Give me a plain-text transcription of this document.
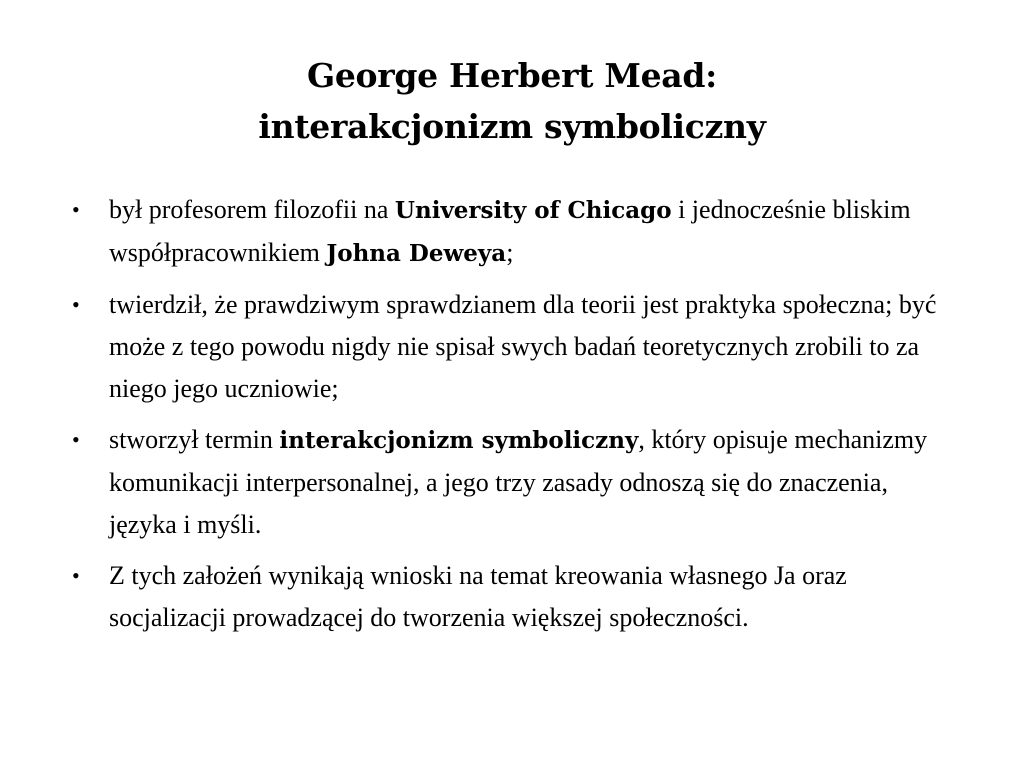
George Herbert Mead:
interakcjonizm symboliczny
• był profesorem filozofii na University of Chicago i jednocześnie bliskim współpracownikiem Johna Deweya;
• twierdził, że prawdziwym sprawdzianem dla teorii jest praktyka społeczna; być może z tego powodu nigdy nie spisał swych badań teoretycznych zrobili to za niego jego uczniowie;
• stworzył termin interakcjonizm symboliczny, który opisuje mechanizmy komunikacji interpersonalnej, a jego trzy zasady odnoszą się do znaczenia, języka i myśli.
• Z tych założeń wynikają wnioski na temat kreowania własnego Ja oraz socjalizacji prowadzącej do tworzenia większej społeczności.
